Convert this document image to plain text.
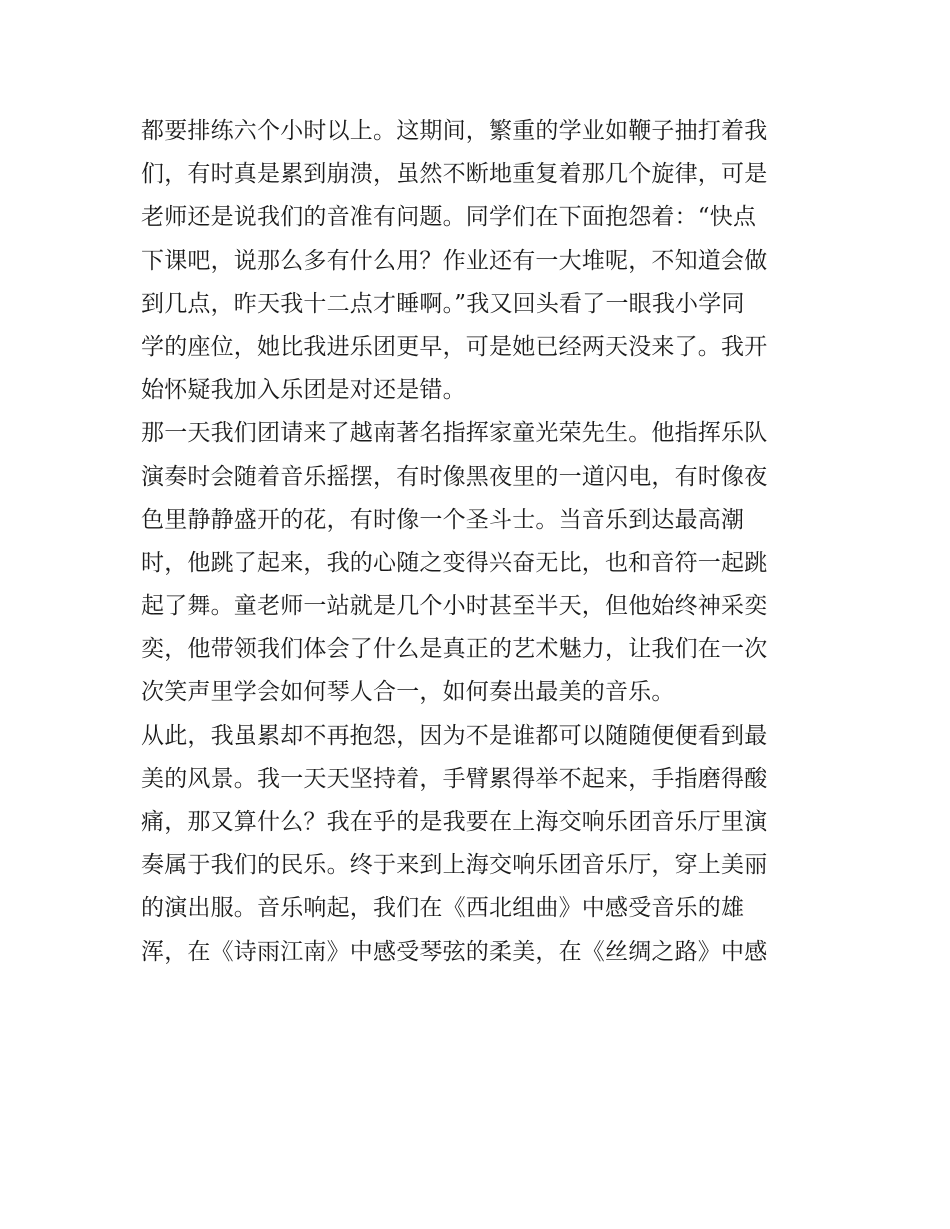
都要排练六个小时以上。这期间，繁重的学业如鞭子抽打着我
们，有时真是累到崩溃，虽然不断地重复着那几个旋律，可是
老师还是说我们的音准有问题。同学们在下面抱怨着：“快点
下课吧，说那么多有什么用？作业还有一大堆呢，不知道会做
到几点，昨天我十二点才睡啊。”我又回头看了一眼我小学同
学的座位，她比我进乐团更早，可是她已经两天没来了。我开
始怀疑我加入乐团是对还是错。
那一天我们团请来了越南著名指挥家童光荣先生。他指挥乐队
演奏时会随着音乐摇摆，有时像黑夜里的一道闪电，有时像夜
色里静静盛开的花，有时像一个圣斗士。当音乐到达最高潮
时，他跳了起来，我的心随之变得兴奋无比，也和音符一起跳
起了舞。童老师一站就是几个小时甚至半天，但他始终神采奕
奕，他带领我们体会了什么是真正的艺术魅力，让我们在一次
次笑声里学会如何琴人合一，如何奏出最美的音乐。
从此，我虽累却不再抱怨，因为不是谁都可以随随便便看到最
美的风景。我一天天坚持着，手臂累得举不起来，手指磨得酸
痛，那又算什么？我在乎的是我要在上海交响乐团音乐厅里演
奏属于我们的民乐。终于来到上海交响乐团音乐厅，穿上美丽
的演出服。音乐响起，我们在《西北组曲》中感受音乐的雄
浑，在《诗雨江南》中感受琴弦的柔美，在《丝绸之路》中感
